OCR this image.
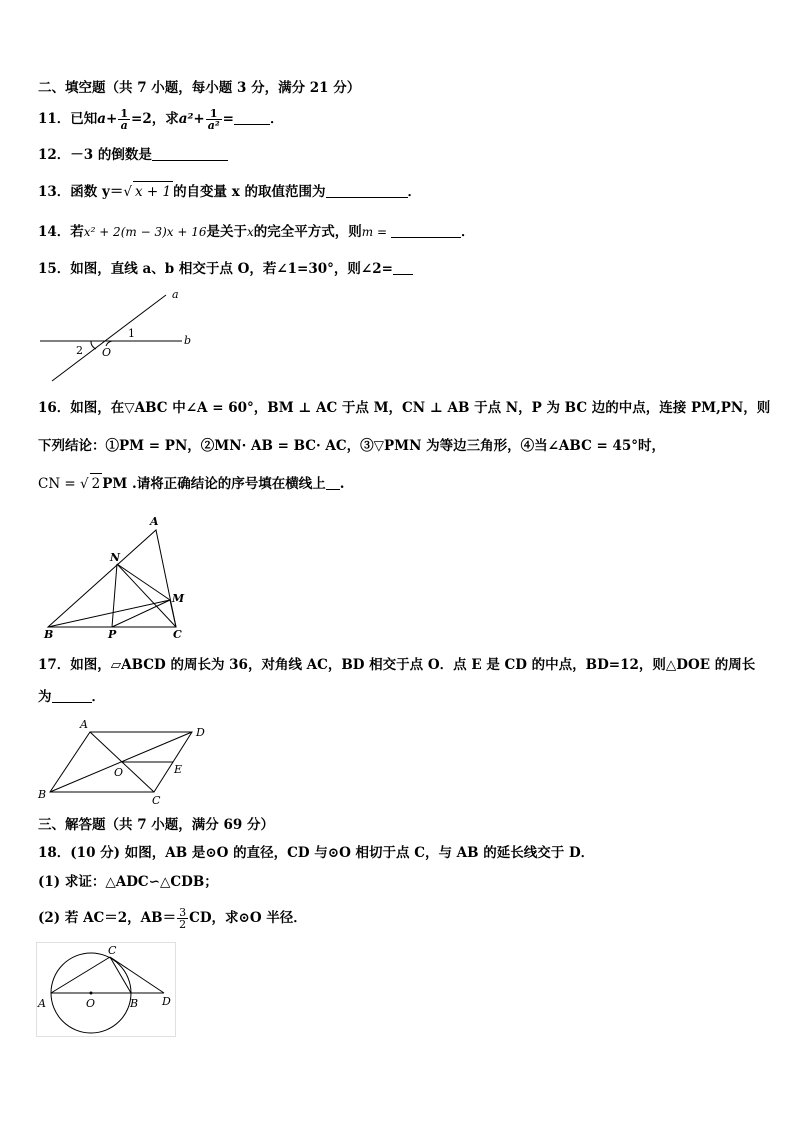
二、填空题（共 7 小题，每小题 3 分，满分 21 分）
11．已知$a+ \frac{1}{a} =2$，求$a^2+ \frac{1}{\text{a²}}$ =	．
12．－3 的倒数是
13．函数 y＝√ x + 1 的自变量 x 的取值范围为	．
14．若x² + 2(m − 3)x + 16是关于x的完全平方式，则m =	．
15．如图，直线 a、b 相交于点 O，若∠1=30°，则∠2=
a
b
1
2 O
16．如图，在▽ABC 中∠A = 60°，BM ⊥ AC 于点 M，CN ⊥ AB 于点 N，P 为 BC 边的中点，连接 PM,PN，则
下列结论：①PM = PN，②MN· AB = BC· AC，③▽PMN 为等边三角形，④当∠ABC = 45°时，
CN = √ 2 PM .请将正确结论的序号填在横线上 .
A
N
M
B	P	C
17．如图，▱ABCD 的周长为 36，对角线 AC，BD 相交于点 O．点 E 是 CD 的中点，BD=12，则△DOE 的周长
为	．
A
D
O	E
B	C
三、解答题（共 7 小题，满分 69 分）
18．(10 分) 如图，AB 是⊙O 的直径，CD 与⊙O 相切于点 C，与 AB 的延长线交于 D．
(1) 求证：△ADC∽△CDB；
(2) 若 AC＝2，$AB= \frac{3}{2}$ CD，求⊙O 半径．
C
A	O	B D
